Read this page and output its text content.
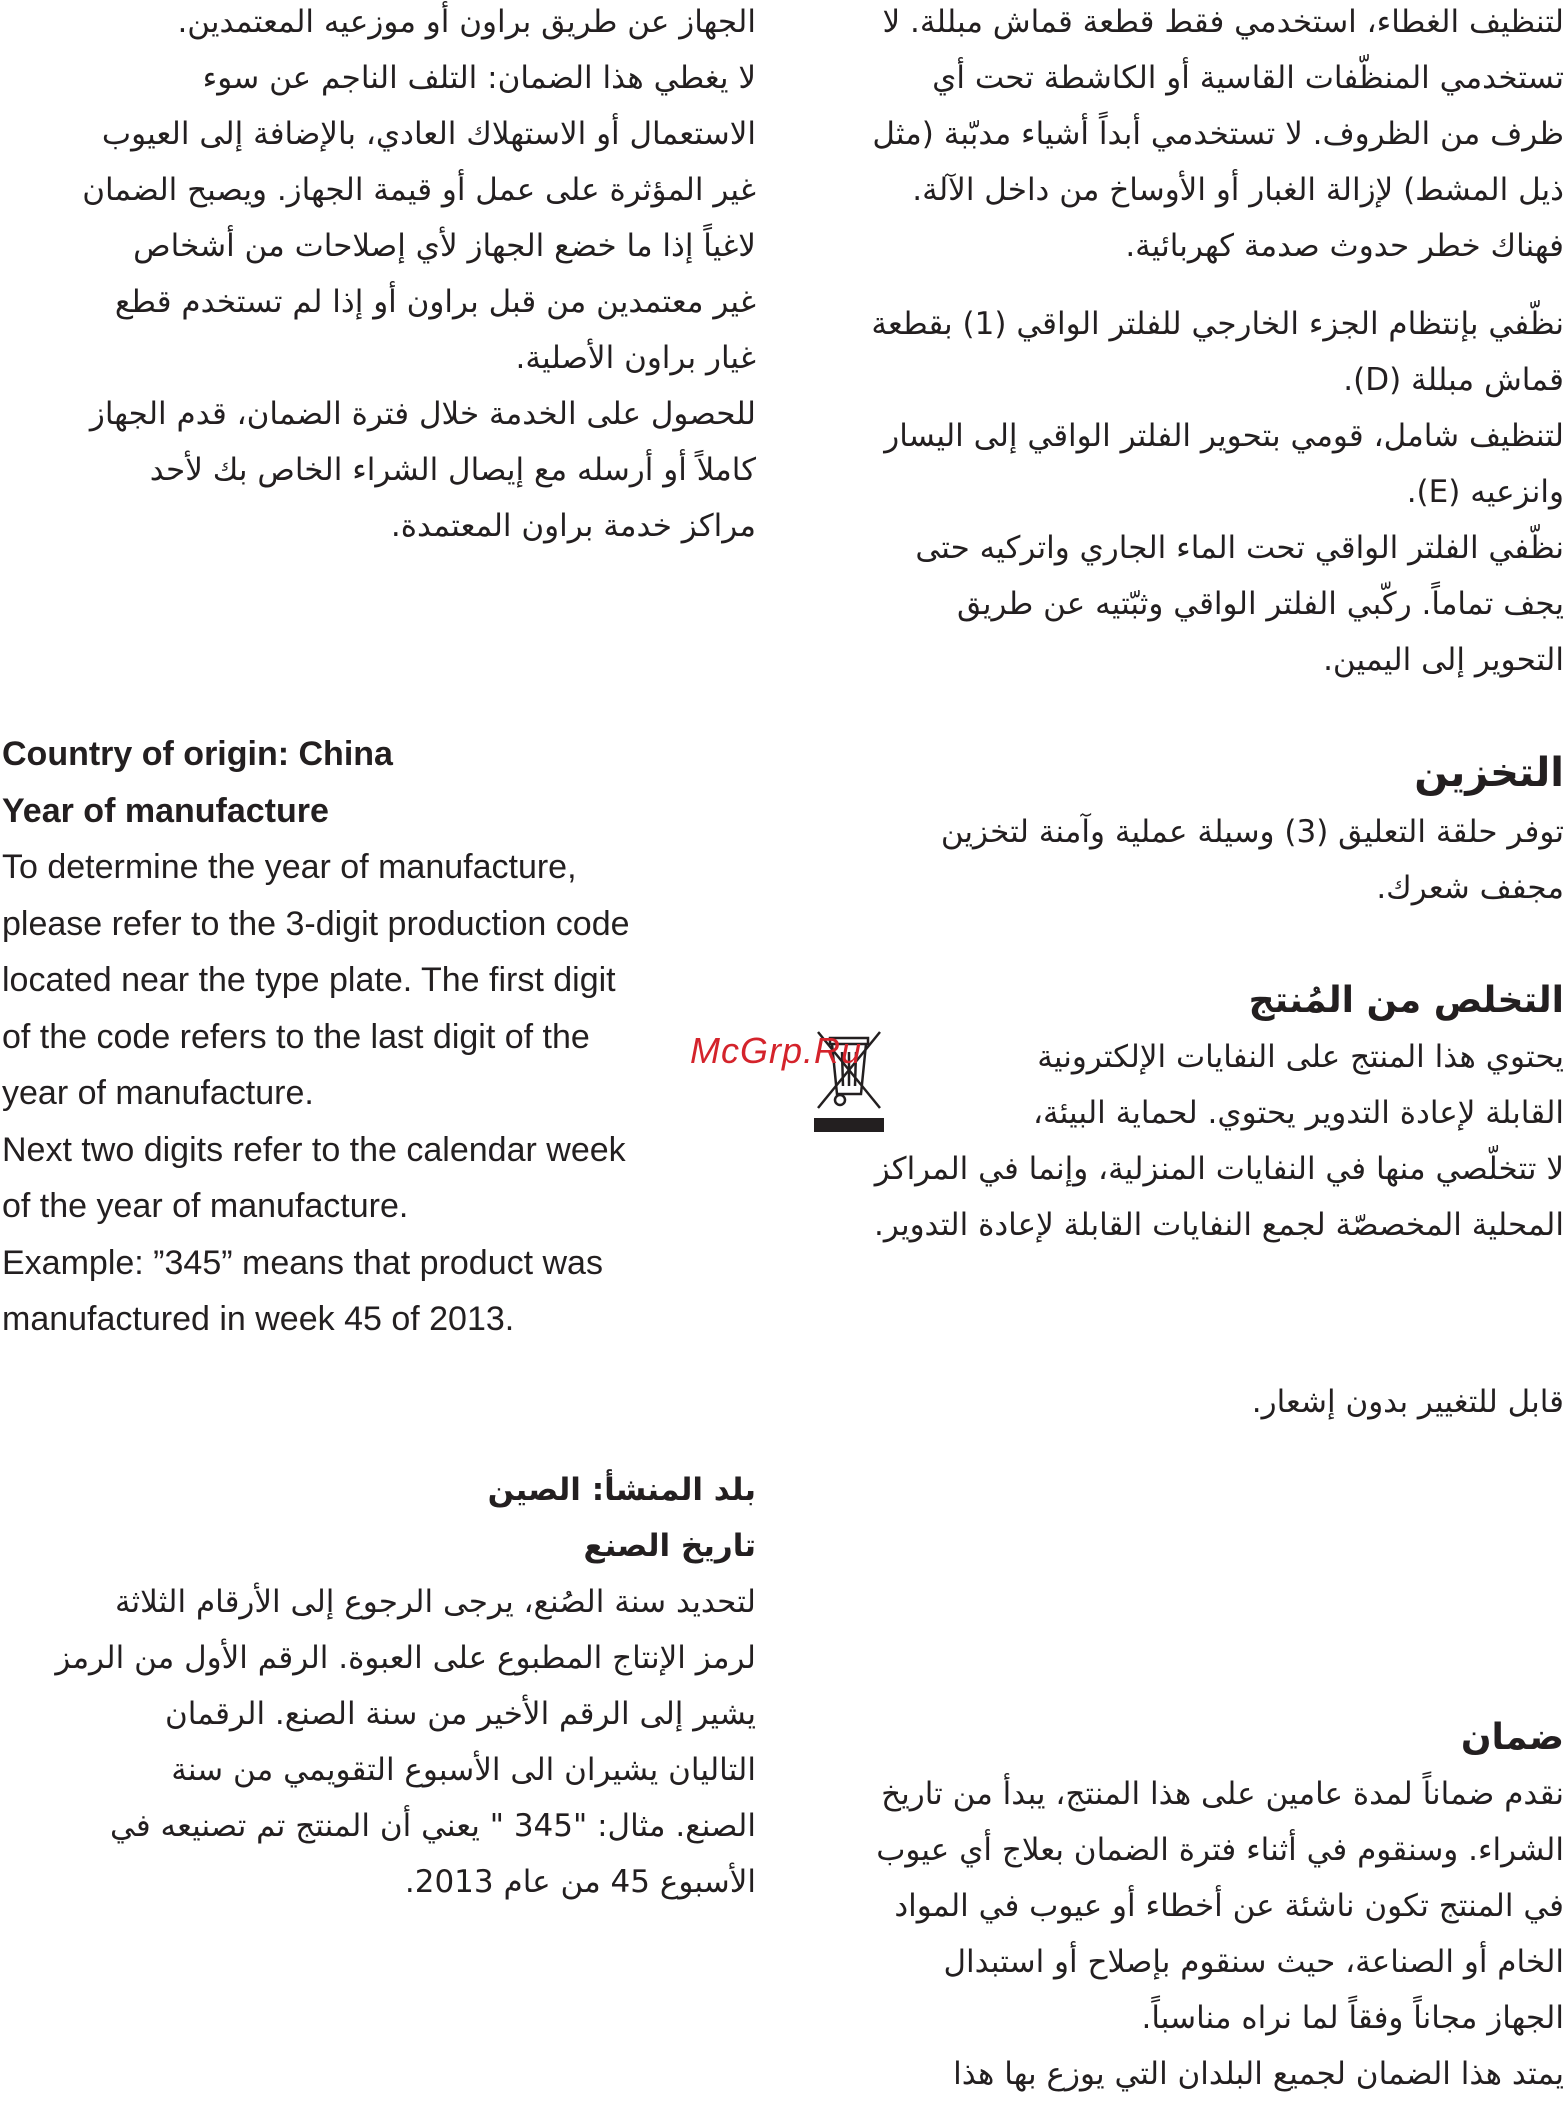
لتنظيف الغطاء، استخدمي فقط قطعة قماش مبللة. لا
تستخدمي المنظّفات القاسية أو الكاشطة تحت أي
ظرف من الظروف. لا تستخدمي أبداً أشياء مدبّبة (مثل
ذيل المشط) لإزالة الغبار أو الأوساخ من داخل الآلة.
فهناك خطر حدوث صدمة كهربائية.
نظّفي بإنتظام الجزء الخارجي للفلتر الواقي (1) بقطعة
قماش مبللة (D).
لتنظيف شامل، قومي بتحوير الفلتر الواقي إلى اليسار
وانزعيه (E).
نظّفي الفلتر الواقي تحت الماء الجاري واتركيه حتى
يجف تماماً. ركّبي الفلتر الواقي وثبّتيه عن طريق
التحوير إلى اليمين.
التخزين
توفر حلقة التعليق (3) وسيلة عملية وآمنة لتخزين
مجفف شعرك.
التخلص من المُنتج
يحتوي هذا المنتج على النفايات الإلكترونية
القابلة لإعادة التدوير يحتوي. لحماية البيئة،
لا تتخلّصي منها في النفايات المنزلية، وإنما في المراكز
المحلية المخصصّة لجمع النفايات القابلة لإعادة التدوير.
McGrp.Ru
قابل للتغيير بدون إشعار.
ضمان
نقدم ضماناً لمدة عامين على هذا المنتج، يبدأ من تاريخ
الشراء. وسنقوم في أثناء فترة الضمان بعلاج أي عيوب
في المنتج تكون ناشئة عن أخطاء أو عيوب في المواد
الخام أو الصناعة، حيث سنقوم بإصلاح أو استبدال
الجهاز مجاناً وفقاً لما نراه مناسباً.
يمتد هذا الضمان لجميع البلدان التي يوزع بها هذا
الجهاز عن طريق براون أو موزعيه المعتمدين.
لا يغطي هذا الضمان: التلف الناجم عن سوء
الاستعمال أو الاستهلاك العادي، بالإضافة إلى العيوب
غير المؤثرة على عمل أو قيمة الجهاز. ويصبح الضمان
لاغياً إذا ما خضع الجهاز لأي إصلاحات من أشخاص
غير معتمدين من قبل براون أو إذا لم تستخدم قطع
غيار براون الأصلية.
للحصول على الخدمة خلال فترة الضمان، قدم الجهاز
كاملاً أو أرسله مع إيصال الشراء الخاص بك لأحد
مراكز خدمة براون المعتمدة.
Country of origin: China
Year of manufacture
To determine the year of manufacture,
please refer to the 3-digit production code
located near the type plate. The first digit
of the code refers to the last digit of the
year of manufacture.
Next two digits refer to the calendar week
of the year of manufacture.
Example: ”345” means that product was
manufactured in week 45 of 2013.
بلد المنشأ: الصين
تاريخ الصنع
لتحديد سنة الصُنع، يرجى الرجوع إلى الأرقام الثلاثة
لرمز الإنتاج المطبوع على العبوة. الرقم الأول من الرمز
يشير إلى الرقم الأخير من سنة الصنع. الرقمان
التاليان يشيران الى الأسبوع التقويمي من سنة
الصنع. مثال: "345 " يعني أن المنتج تم تصنيعه في
الأسبوع 45 من عام 2013.
